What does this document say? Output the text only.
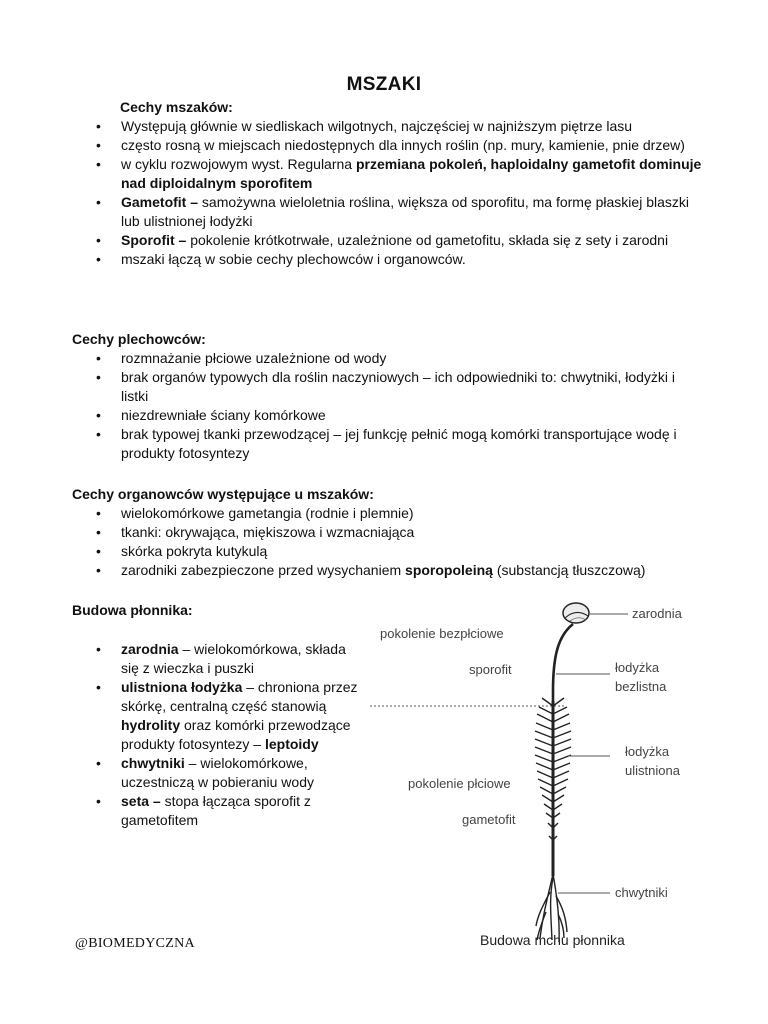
MSZAKI
Cechy mszaków:
• Występują głównie w siedliskach wilgotnych, najczęściej w najniższym piętrze lasu
• często rosną w miejscach niedostępnych dla innych roślin (np. mury, kamienie, pnie drzew)
• w cyklu rozwojowym wyst. Regularna przemiana pokoleń, haploidalny gametofit dominuje nad diploidalnym sporofitem
• Gametofit – samożywna wieloletnia roślina, większa od sporofitu, ma formę płaskiej blaszki lub ulistnionej łodyżki
• Sporofit – pokolenie krótkotrwałe, uzależnione od gametofitu, składa się z sety i zarodni
• mszaki łączą w sobie cechy plechowców i organowców.
Cechy plechowców:
• rozmnażanie płciowe uzależnione od wody
• brak organów typowych dla roślin naczyniowych – ich odpowiedniki to: chwytniki, łodyżki i listki
• niezdrewniałe ściany komórkowe
• brak typowej tkanki przewodzącej – jej funkcję pełnić mogą komórki transportujące wodę i produkty fotosyntezy
Cechy organowców występujące u mszaków:
• wielokomórkowe gametangia (rodnie i plemnie)
• tkanki: okrywająca, miękiszowa i wzmacniająca
• skórka pokryta kutykulą
• zarodniki zabezpieczone przed wysychaniem sporopoleiną (substancją tłuszczową)
Budowa płonnika:
• zarodnia – wielokomórkowa, składa się z wieczka i puszki
• ulistniona łodyżka – chroniona przez skórkę, centralną część stanowią hydrolity oraz komórki przewodzące produkty fotosyntezy – leptoidy
• chwytniki – wielokomórkowe, uczestniczą w pobieraniu wody
• seta – stopa łącząca sporofit z gametofitem
pokolenie bezpłciowe
sporofit
pokolenie płciowe
gametofit
zarodnia
łodyżka
bezlistna
łodyżka
ulistniona
chwytniki
Budowa mchu płonnika
@BIOMEDYCZNA
